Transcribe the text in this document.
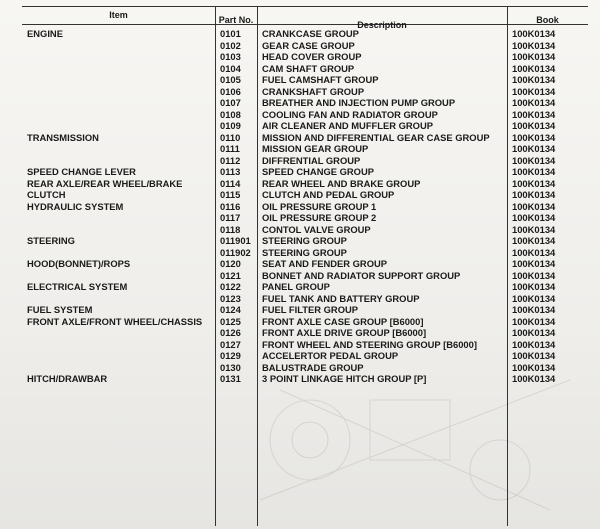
Item	Part No.	Description	Book
ENGINE	0101 CRANKCASE GROUP	100K0134
0102 GEAR CASE GROUP	100K0134
0103 HEAD COVER GROUP	100K0134
0104 CAM SHAFT GROUP	100K0134
0105 FUEL CAMSHAFT GROUP	100K0134
0106 CRANKSHAFT GROUP	100K0134
0107 BREATHER AND INJECTION PUMP GROUP	100K0134
0108 COOLING FAN AND RADIATOR GROUP	100K0134
0109 AIR CLEANER AND MUFFLER GROUP	100K0134
TRANSMISSION	0110 MISSION AND DIFFERENTIAL GEAR CASE GROUP 100K0134
0111 MISSION GEAR GROUP	100K0134
0112 DIFFRENTIAL GROUP	100K0134
SPEED CHANGE LEVER	0113 SPEED CHANGE GROUP	100K0134
REAR AXLE/REAR WHEEL/BRAKE	0114 REAR WHEEL AND BRAKE GROUP	100K0134
CLUTCH	0115 CLUTCH AND PEDAL GROUP	100K0134
HYDRAULIC SYSTEM	0116 OIL PRESSURE GROUP 1	100K0134
0117 OIL PRESSURE GROUP 2	100K0134
0118 CONTOL VALVE GROUP	100K0134
STEERING	011901 STEERING GROUP	100K0134
011902 STEERING GROUP	100K0134
HOOD(BONNET)/ROPS	0120 SEAT AND FENDER GROUP	100K0134
0121 BONNET AND RADIATOR SUPPORT GROUP	100K0134
ELECTRICAL SYSTEM	0122 PANEL GROUP	100K0134
0123 FUEL TANK AND BATTERY GROUP	100K0134
FUEL SYSTEM	0124 FUEL FILTER GROUP	100K0134
FRONT AXLE/FRONT WHEEL/CHASSIS 0125 FRONT AXLE CASE GROUP [B6000]	100K0134
0126 FRONT AXLE DRIVE GROUP [B6000]	100K0134
0127 FRONT WHEEL AND STEERING GROUP [B6000]	100K0134
0129 ACCELERTOR PEDAL GROUP	100K0134
0130 BALUSTRADE GROUP	100K0134
HITCH/DRAWBAR	0131 3 POINT LINKAGE HITCH GROUP [P]	100K0134
